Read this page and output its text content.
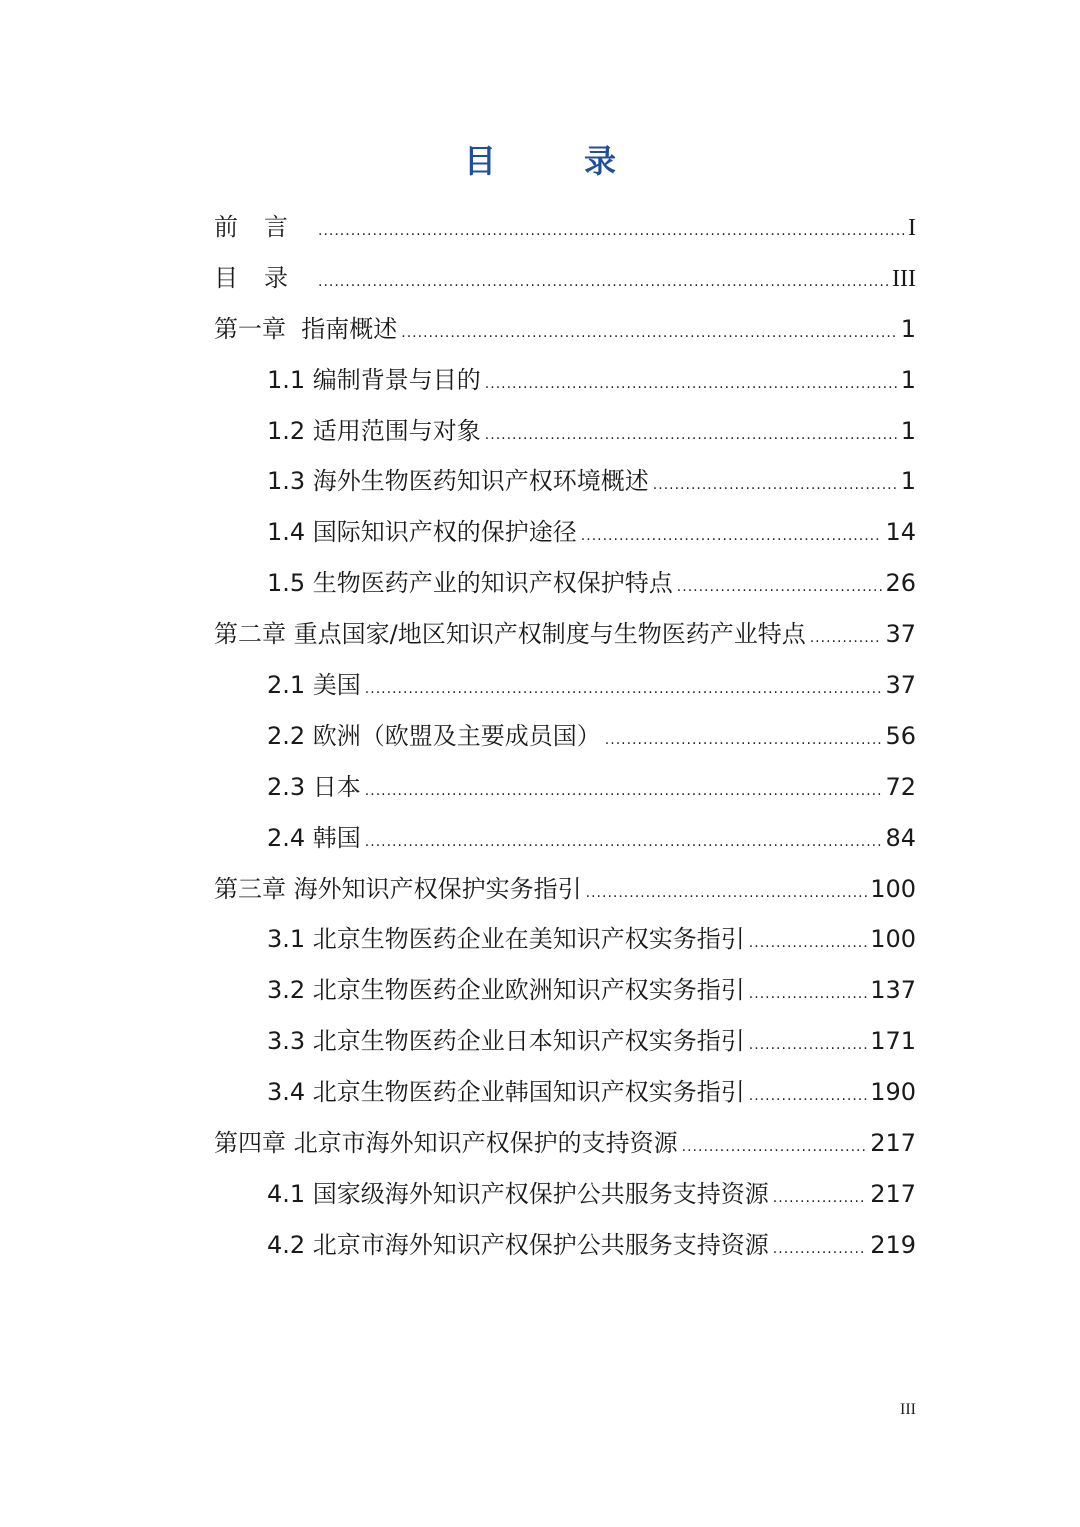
目　录
前言 .....	I
目录 .....	III
第一章  指南概述 .....	1
1.1 编制背景与目的 .....	1
1.2 适用范围与对象 .....	1
1.3 海外生物医药知识产权环境概述 .....	1
1.4 国际知识产权的保护途径 .....	14
1.5 生物医药产业的知识产权保护特点 .....	26
第二章 重点国家/地区知识产权制度与生物医药产业特点 .....	37
2.1 美国 .....	37
2.2 欧洲（欧盟及主要成员国） .....	56
2.3 日本 .....	72
2.4 韩国 .....	84
第三章 海外知识产权保护实务指引 .....	100
3.1 北京生物医药企业在美知识产权实务指引 .....	100
3.2 北京生物医药企业欧洲知识产权实务指引 .....	137
3.3 北京生物医药企业日本知识产权实务指引 .....	171
3.4 北京生物医药企业韩国知识产权实务指引 .....	190
第四章 北京市海外知识产权保护的支持资源 .....	217
4.1 国家级海外知识产权保护公共服务支持资源 .....	217
4.2 北京市海外知识产权保护公共服务支持资源 .....	219
III
